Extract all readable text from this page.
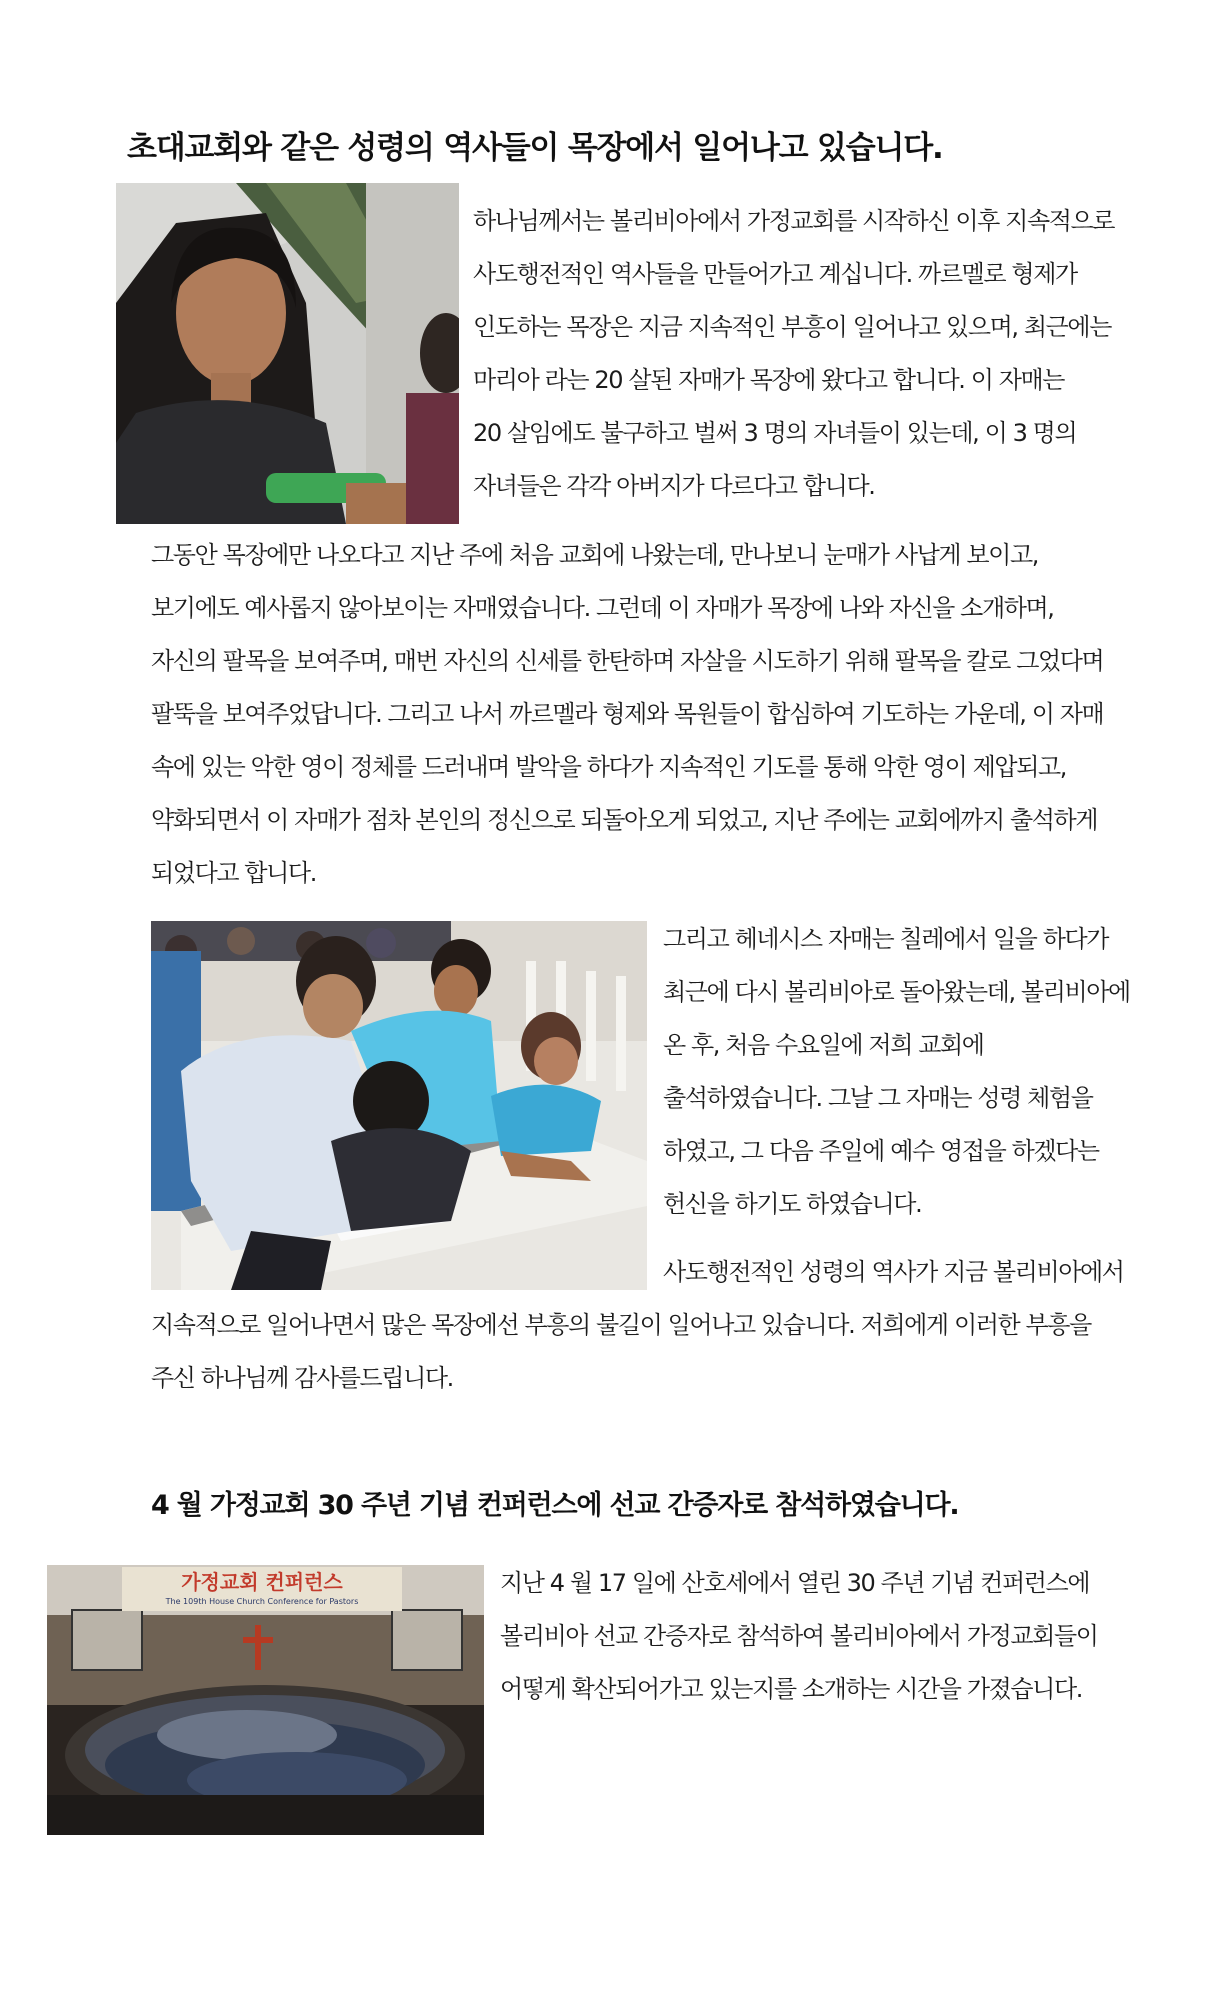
초대교회와 같은 성령의 역사들이 목장에서 일어나고 있습니다.
하나님께서는 볼리비아에서 가정교회를 시작하신 이후 지속적으로
사도행전적인 역사들을 만들어가고 계십니다. 까르멜로 형제가
인도하는 목장은 지금 지속적인 부흥이 일어나고 있으며, 최근에는
마리아 라는 20 살된 자매가 목장에 왔다고 합니다. 이 자매는
20 살임에도 불구하고 벌써 3 명의 자녀들이 있는데, 이 3 명의
자녀들은 각각 아버지가 다르다고 합니다.
그동안 목장에만 나오다고 지난 주에 처음 교회에 나왔는데, 만나보니 눈매가 사납게 보이고,
보기에도 예사롭지 않아보이는 자매였습니다. 그런데 이 자매가 목장에 나와 자신을 소개하며,
자신의 팔목을 보여주며, 매번 자신의 신세를 한탄하며 자살을 시도하기 위해 팔목을 칼로 그었다며
팔뚝을 보여주었답니다. 그리고 나서 까르멜라 형제와 목원들이 합심하여 기도하는 가운데, 이 자매
속에 있는 악한 영이 정체를 드러내며 발악을 하다가 지속적인 기도를 통해 악한 영이 제압되고,
약화되면서 이 자매가 점차 본인의 정신으로 되돌아오게 되었고, 지난 주에는 교회에까지 출석하게
되었다고 합니다.
그리고 헤네시스 자매는 칠레에서 일을 하다가
최근에 다시 볼리비아로 돌아왔는데, 볼리비아에
온 후, 처음 수요일에 저희 교회에
출석하였습니다. 그날 그 자매는 성령 체험을
하였고, 그 다음 주일에 예수 영접을 하겠다는
헌신을 하기도 하였습니다.
사도행전적인 성령의 역사가 지금 볼리비아에서
지속적으로 일어나면서 많은 목장에선 부흥의 불길이 일어나고 있습니다. 저희에게 이러한 부흥을
주신 하나님께 감사를드립니다.
4 월 가정교회 30 주년 기념 컨퍼런스에 선교 간증자로 참석하였습니다.
가정교회 컨퍼런스
The 109th House Church Conference for Pastors
지난 4 월 17 일에 산호세에서 열린 30 주년 기념 컨퍼런스에
볼리비아 선교 간증자로 참석하여 볼리비아에서 가정교회들이
어떻게 확산되어가고 있는지를 소개하는 시간을 가졌습니다.
